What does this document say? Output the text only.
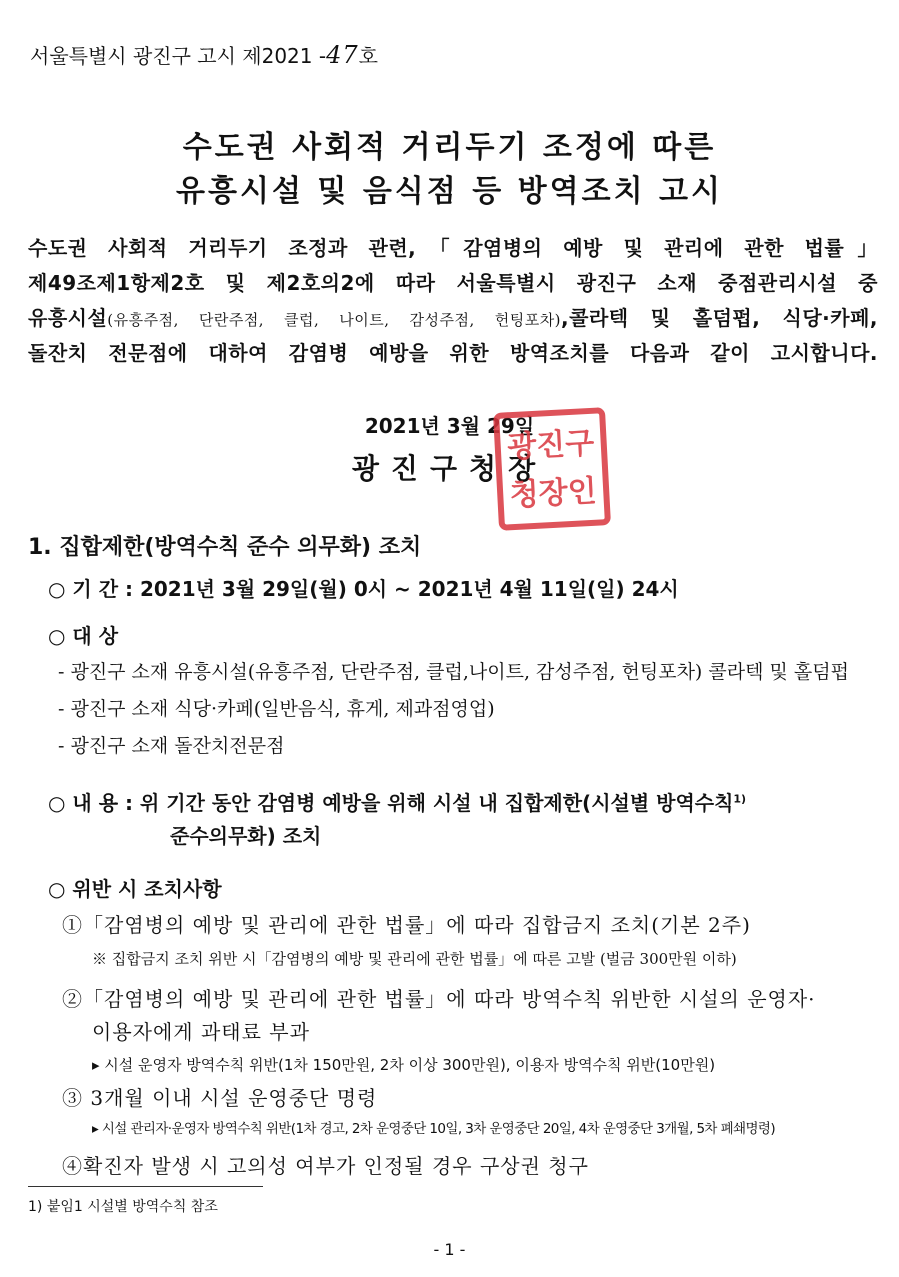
서울특별시 광진구 고시 제2021 -47호
수도권 사회적 거리두기 조정에 따른
유흥시설 및 음식점 등 방역조치 고시
수도권 사회적 거리두기 조정과 관련,「감염병의 예방 및 관리에 관한 법률」
제49조제1항제2호 및 제2호의2에 따라 서울특별시 광진구 소재 중점관리시설 중
유흥시설(유흥주점, 단란주점, 클럽, 나이트, 감성주점, 헌팅포차),콜라텍 및 홀덤펍, 식당·카페,
돌잔치 전문점에 대하여 감염병 예방을 위한 방역조치를 다음과 같이 고시합니다.
2021년 3월 29일
광진구청장
광진구
청장인
1. 집합제한(방역수칙 준수 의무화) 조치
○ 기 간 : 2021년 3월 29일(월) 0시 ~ 2021년 4월 11일(일) 24시
○ 대 상
- 광진구 소재 유흥시설(유흥주점, 단란주점, 클럽,나이트, 감성주점, 헌팅포차) 콜라텍 및 홀덤펍
- 광진구 소재 식당·카페(일반음식, 휴게, 제과점영업)
- 광진구 소재 돌잔치전문점
○ 내 용 : 위 기간 동안 감염병 예방을 위해 시설 내 집합제한(시설별 방역수칙$^{1)}$
준수의무화) 조치
○ 위반 시 조치사항
①「감염병의 예방 및 관리에 관한 법률」에 따라 집합금지 조치(기본 2주)
※ 집합금지 조치 위반 시「감염병의 예방 및 관리에 관한 법률」에 따른 고발 (벌금 300만원 이하)
②「감염병의 예방 및 관리에 관한 법률」에 따라 방역수칙 위반한 시설의 운영자·
이용자에게 과태료 부과
▸ 시설 운영자 방역수칙 위반(1차 150만원, 2차 이상 300만원), 이용자 방역수칙 위반(10만원)
③ 3개월 이내 시설 운영중단 명령
▸ 시설 관리자·운영자 방역수칙 위반(1차 경고, 2차 운영중단 10일, 3차 운영중단 20일, 4차 운영중단 3개월, 5차 폐쇄명령)
④확진자 발생 시 고의성 여부가 인정될 경우 구상권 청구
1) 붙임1 시설별 방역수칙 참조
- 1 -
